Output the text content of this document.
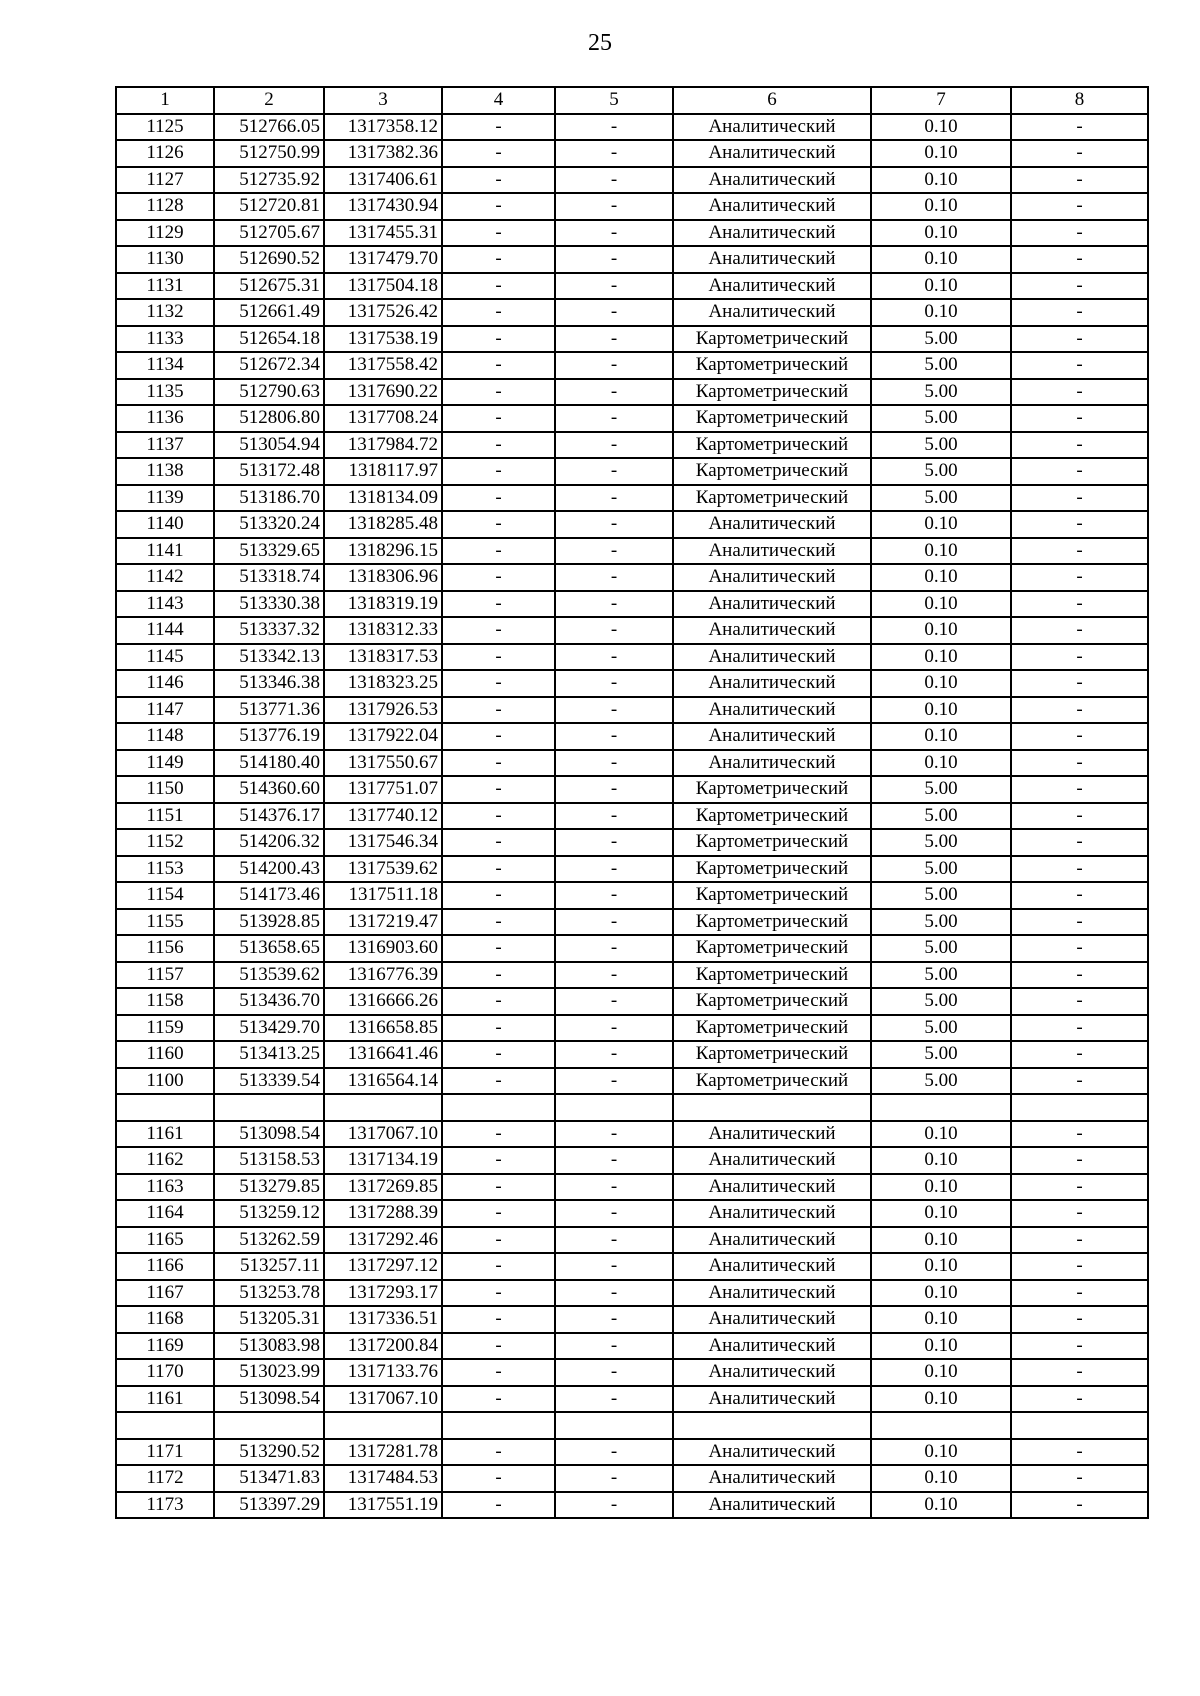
25
1	2	3	4	5	6	7	8
1125	512766.05	1317358.12	-	-	Аналитический	0.10	-
1126	512750.99	1317382.36	-	-	Аналитический	0.10	-
1127	512735.92	1317406.61	-	-	Аналитический	0.10	-
1128	512720.81	1317430.94	-	-	Аналитический	0.10	-
1129	512705.67	1317455.31	-	-	Аналитический	0.10	-
1130	512690.52	1317479.70	-	-	Аналитический	0.10	-
1131	512675.31	1317504.18	-	-	Аналитический	0.10	-
1132	512661.49	1317526.42	-	-	Аналитический	0.10	-
1133	512654.18	1317538.19	-	-	Картометрический	5.00	-
1134	512672.34	1317558.42	-	-	Картометрический	5.00	-
1135	512790.63	1317690.22	-	-	Картометрический	5.00	-
1136	512806.80	1317708.24	-	-	Картометрический	5.00	-
1137	513054.94	1317984.72	-	-	Картометрический	5.00	-
1138	513172.48	1318117.97	-	-	Картометрический	5.00	-
1139	513186.70	1318134.09	-	-	Картометрический	5.00	-
1140	513320.24	1318285.48	-	-	Аналитический	0.10	-
1141	513329.65	1318296.15	-	-	Аналитический	0.10	-
1142	513318.74	1318306.96	-	-	Аналитический	0.10	-
1143	513330.38	1318319.19	-	-	Аналитический	0.10	-
1144	513337.32	1318312.33	-	-	Аналитический	0.10	-
1145	513342.13	1318317.53	-	-	Аналитический	0.10	-
1146	513346.38	1318323.25	-	-	Аналитический	0.10	-
1147	513771.36	1317926.53	-	-	Аналитический	0.10	-
1148	513776.19	1317922.04	-	-	Аналитический	0.10	-
1149	514180.40	1317550.67	-	-	Аналитический	0.10	-
1150	514360.60	1317751.07	-	-	Картометрический	5.00	-
1151	514376.17	1317740.12	-	-	Картометрический	5.00	-
1152	514206.32	1317546.34	-	-	Картометрический	5.00	-
1153	514200.43	1317539.62	-	-	Картометрический	5.00	-
1154	514173.46	1317511.18	-	-	Картометрический	5.00	-
1155	513928.85	1317219.47	-	-	Картометрический	5.00	-
1156	513658.65	1316903.60	-	-	Картометрический	5.00	-
1157	513539.62	1316776.39	-	-	Картометрический	5.00	-
1158	513436.70	1316666.26	-	-	Картометрический	5.00	-
1159	513429.70	1316658.85	-	-	Картометрический	5.00	-
1160	513413.25	1316641.46	-	-	Картометрический	5.00	-
1100	513339.54	1316564.14	-	-	Картометрический	5.00	-

1161	513098.54	1317067.10	-	-	Аналитический	0.10	-
1162	513158.53	1317134.19	-	-	Аналитический	0.10	-
1163	513279.85	1317269.85	-	-	Аналитический	0.10	-
1164	513259.12	1317288.39	-	-	Аналитический	0.10	-
1165	513262.59	1317292.46	-	-	Аналитический	0.10	-
1166	513257.11	1317297.12	-	-	Аналитический	0.10	-
1167	513253.78	1317293.17	-	-	Аналитический	0.10	-
1168	513205.31	1317336.51	-	-	Аналитический	0.10	-
1169	513083.98	1317200.84	-	-	Аналитический	0.10	-
1170	513023.99	1317133.76	-	-	Аналитический	0.10	-
1161	513098.54	1317067.10	-	-	Аналитический	0.10	-

1171	513290.52	1317281.78	-	-	Аналитический	0.10	-
1172	513471.83	1317484.53	-	-	Аналитический	0.10	-
1173	513397.29	1317551.19	-	-	Аналитический	0.10	-
